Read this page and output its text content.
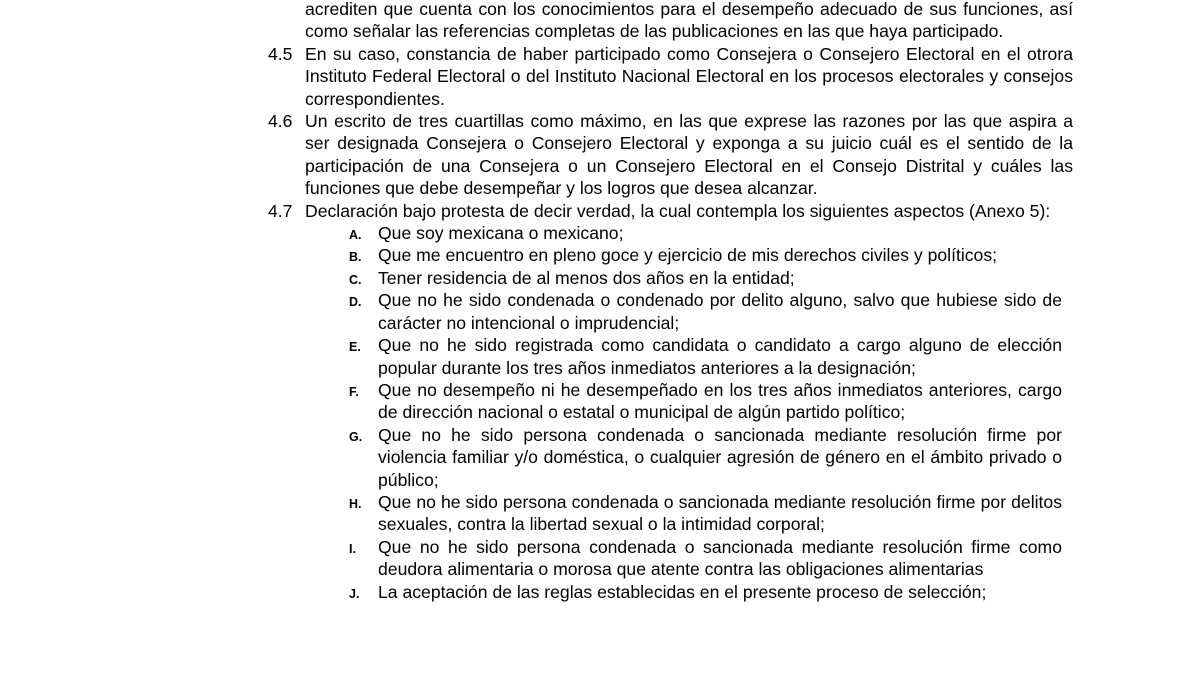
acrediten que cuenta con los conocimientos para el desempeño adecuado de sus funciones, así como señalar las referencias completas de las publicaciones en las que haya participado.
4.5 En su caso, constancia de haber participado como Consejera o Consejero Electoral en el otrora Instituto Federal Electoral o del Instituto Nacional Electoral en los procesos electorales y consejos correspondientes.
4.6 Un escrito de tres cuartillas como máximo, en las que exprese las razones por las que aspira a ser designada Consejera o Consejero Electoral y exponga a su juicio cuál es el sentido de la participación de una Consejera o un Consejero Electoral en el Consejo Distrital y cuáles las funciones que debe desempeñar y los logros que desea alcanzar.
4.7 Declaración bajo protesta de decir verdad, la cual contempla los siguientes aspectos (Anexo 5):
A. Que soy mexicana o mexicano;
B. Que me encuentro en pleno goce y ejercicio de mis derechos civiles y políticos;
C. Tener residencia de al menos dos años en la entidad;
D. Que no he sido condenada o condenado por delito alguno, salvo que hubiese sido de carácter no intencional o imprudencial;
E. Que no he sido registrada como candidata o candidato a cargo alguno de elección popular durante los tres años inmediatos anteriores a la designación;
F. Que no desempeño ni he desempeñado en los tres años inmediatos anteriores, cargo de dirección nacional o estatal o municipal de algún partido político;
G. Que no he sido persona condenada o sancionada mediante resolución firme por violencia familiar y/o doméstica, o cualquier agresión de género en el ámbito privado o público;
H. Que no he sido persona condenada o sancionada mediante resolución firme por delitos sexuales, contra la libertad sexual o la intimidad corporal;
I. Que no he sido persona condenada o sancionada mediante resolución firme como deudora alimentaria o morosa que atente contra las obligaciones alimentarias
J. La aceptación de las reglas establecidas en el presente proceso de selección;
